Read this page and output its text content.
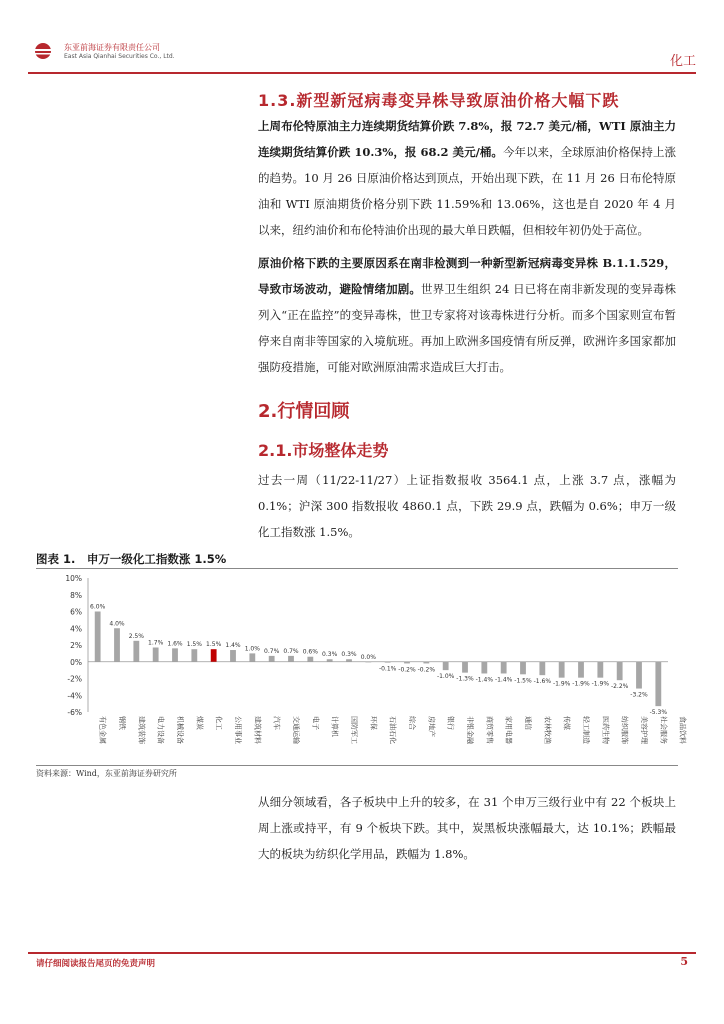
东亚前海证券有限责任公司
East Asia Qianhai Securities Co., Ltd.	化工
1.3.新型新冠病毒变异株导致原油价格大幅下跌

上周布伦特原油主力连续期货结算价跌 7.8%，报 72.7 美元/桶，WTI 原油主力连续期货结算价跌 10.3%，报 68.2 美元/桶。今年以来，全球原油价格保持上涨的趋势。10 月 26 日原油价格达到顶点，开始出现下跌，在 11 月 26 日布伦特原油和 WTI 原油期货价格分别下跌 11.59%和 13.06%，这也是自 2020 年 4 月以来，纽约油价和布伦特油价出现的最大单日跌幅，但相较年初仍处于高位。

原油价格下跌的主要原因系在南非检测到一种新型新冠病毒变异株 B.1.1.529，导致市场波动，避险情绪加剧。世界卫生组织 24 日已将在南非新发现的变异毒株列入“正在监控”的变异毒株，世卫专家将对该毒株进行分析。而多个国家则宣布暂停来自南非等国家的入境航班。再加上欧洲多国疫情有所反弹，欧洲许多国家都加强防疫措施，可能对欧洲原油需求造成巨大打击。

2.行情回顾
2.1.市场整体走势

过去一周（11/22-11/27）上证指数报收 3564.1 点，上涨 3.7 点，涨幅为 0.1%；沪深 300 指数报收 4860.1 点，下跌 29.9 点，跌幅为 0.6%；申万一级化工指数涨 1.5%。

图表 1.　申万一级化工指数涨 1.5%
10%
8%
6%
4%
2%
0%
-2%
-4%
-6%
6.0%
4.0%
2.5%
1.7% 1.6% 1.5% 1.5% 1.4% 1.0% 0.7% 0.7% 0.6% 0.3% 0.3% 0.0%
-0.1% -0.2% -0.2%
-1.0% -1.3% -1.4% -1.4% -1.5% -1.6% -1.9% -1.9% -1.9% -2.2%
-3.2%
-5.3%
有色金属 钢铁 建筑装饰 电力设备 机械设备 煤炭 化工 公用事业 建筑材料 汽车 交通运输 电子 计算机 国防军工 环保 石油石化 综合 房地产 银行 非银金融 商贸零售 家用电器 通信 农林牧渔 传媒 轻工制造 医药生物 纺织服饰 美容护理 社会服务 食品饮料
资料来源：Wind，东亚前海证券研究所

从细分领域看，各子板块中上升的较多，在 31 个申万三级行业中有 22 个板块上周上涨或持平，有 9 个板块下跌。其中，炭黑板块涨幅最大，达 10.1%；跌幅最大的板块为纺织化学用品，跌幅为 1.8%。

请仔细阅读报告尾页的免责声明	5
